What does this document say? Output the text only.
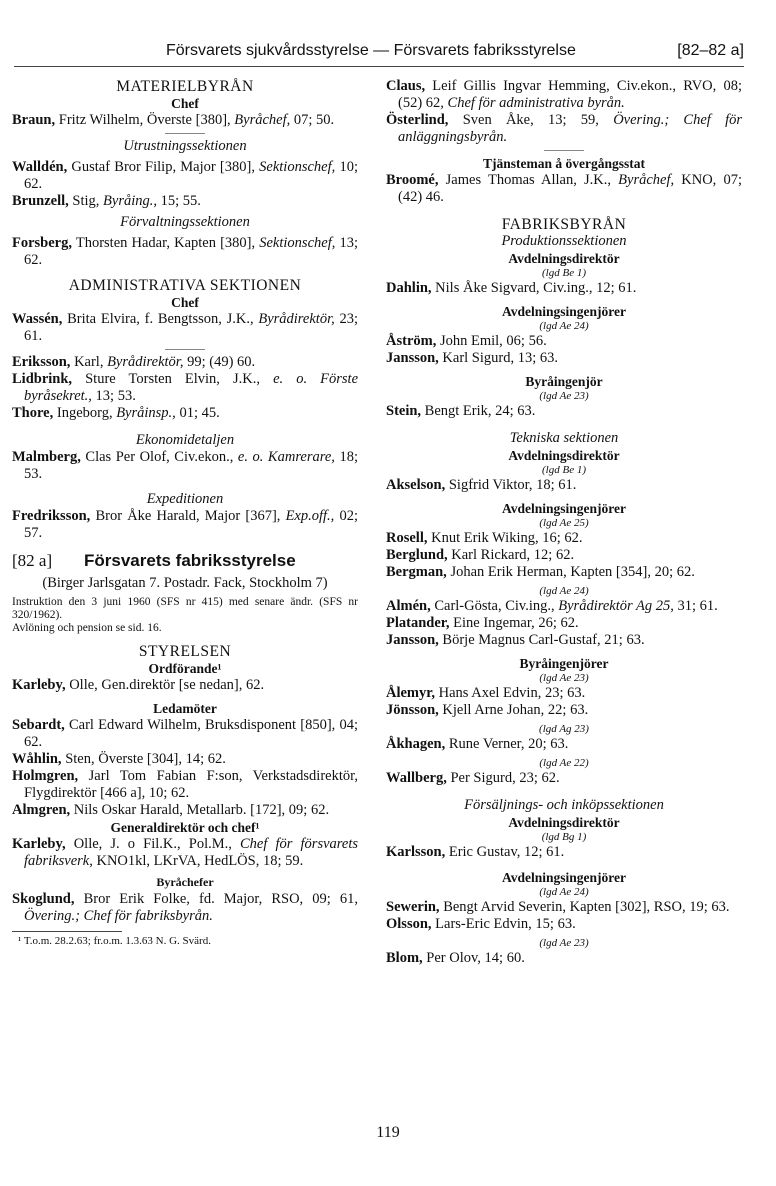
Försvarets sjukvårdsstyrelse — Försvarets fabriksstyrelse	[82–82 a]

MATERIELBYRÅN

Chef

Braun, Fritz Wilhelm, Överste [380], Byråchef, 07; 50.

Utrustningssektionen

Walldén, Gustaf Bror Filip, Major [380], Sektionschef, 10; 62.

Brunzell, Stig, Byråing., 15; 55.

Förvaltningssektionen

Forsberg, Thorsten Hadar, Kapten [380], Sektionschef, 13; 62.

ADMINISTRATIVA SEKTIONEN

Chef

Wassén, Brita Elvira, f. Bengtsson, J.K., Byrådirektör, 23; 61.

Eriksson, Karl, Byrådirektör, 99; (49) 60.

Lidbrink, Sture Torsten Elvin, J.K., e. o. Förste byråsekret., 13; 53.

Thore, Ingeborg, Byråinsp., 01; 45.

Ekonomidetaljen

Malmberg, Clas Per Olof, Civ.ekon., e. o. Kamrerare, 18; 53.

Expeditionen

Fredriksson, Bror Åke Harald, Major [367], Exp.off., 02; 57.

[82 a]	Försvarets fabriksstyrelse

(Birger Jarlsgatan 7. Postadr. Fack, Stockholm 7)

Instruktion den 3 juni 1960 (SFS nr 415) med senare ändr. (SFS nr 320/1962).

Avlöning och pension se sid. 16.

STYRELSEN

Ordförande¹

Karleby, Olle, Gen.direktör [se nedan], 62.

Ledamöter

Sebardt, Carl Edward Wilhelm, Bruksdisponent [850], 04; 62.

Wåhlin, Sten, Överste [304], 14; 62.

Holmgren, Jarl Tom Fabian F:son, Verkstadsdirektör, Flygdirektör [466 a], 10; 62.

Almgren, Nils Oskar Harald, Metallarb. [172], 09; 62.

Generaldirektör och chef¹

Karleby, Olle, J. o Fil.K., Pol.M., Chef för försvarets fabriksverk, KNO1kl, LKrVA, HedLÖS, 18; 59.

Byråchefer

Skoglund, Bror Erik Folke, fd. Major, RSO, 09; 61, Övering.; Chef för fabriksbyrån.

¹ T.o.m. 28.2.63; fr.o.m. 1.3.63 N. G. Svärd.

Claus, Leif Gillis Ingvar Hemming, Civ.ekon., RVO, 08; (52) 62, Chef för administrativa byrån.

Österlind, Sven Åke, 13; 59, Övering.; Chef för anläggningsbyrån.

Tjänsteman å övergångsstat

Broomé, James Thomas Allan, J.K., Byråchef, KNO, 07; (42) 46.

FABRIKSBYRÅN

Produktionssektionen

Avdelningsdirektör

(lgd Be 1)

Dahlin, Nils Åke Sigvard, Civ.ing., 12; 61.

Avdelningsingenjörer

(lgd Ae 24)

Åström, John Emil, 06; 56.

Jansson, Karl Sigurd, 13; 63.

Byråingenjör

(lgd Ae 23)

Stein, Bengt Erik, 24; 63.

Tekniska sektionen

Avdelningsdirektör

(lgd Be 1)

Akselson, Sigfrid Viktor, 18; 61.

Avdelningsingenjörer

(lgd Ae 25)

Rosell, Knut Erik Wiking, 16; 62.

Berglund, Karl Rickard, 12; 62.

Bergman, Johan Erik Herman, Kapten [354], 20; 62.

(lgd Ae 24)

Almén, Carl-Gösta, Civ.ing., Byrådirektör Ag 25, 31; 61.

Platander, Eine Ingemar, 26; 62.

Jansson, Börje Magnus Carl-Gustaf, 21; 63.

Byråingenjörer

(lgd Ae 23)

Ålemyr, Hans Axel Edvin, 23; 63.

Jönsson, Kjell Arne Johan, 22; 63.

(lgd Ag 23)

Åkhagen, Rune Verner, 20; 63.

(lgd Ae 22)

Wallberg, Per Sigurd, 23; 62.

Försäljnings- och inköpssektionen

Avdelningsdirektör

(lgd Bg 1)

Karlsson, Eric Gustav, 12; 61.

Avdelningsingenjörer

(lgd Ae 24)

Sewerin, Bengt Arvid Severin, Kapten [302], RSO, 19; 63.

Olsson, Lars-Eric Edvin, 15; 63.

(lgd Ae 23)

Blom, Per Olov, 14; 60.

119
